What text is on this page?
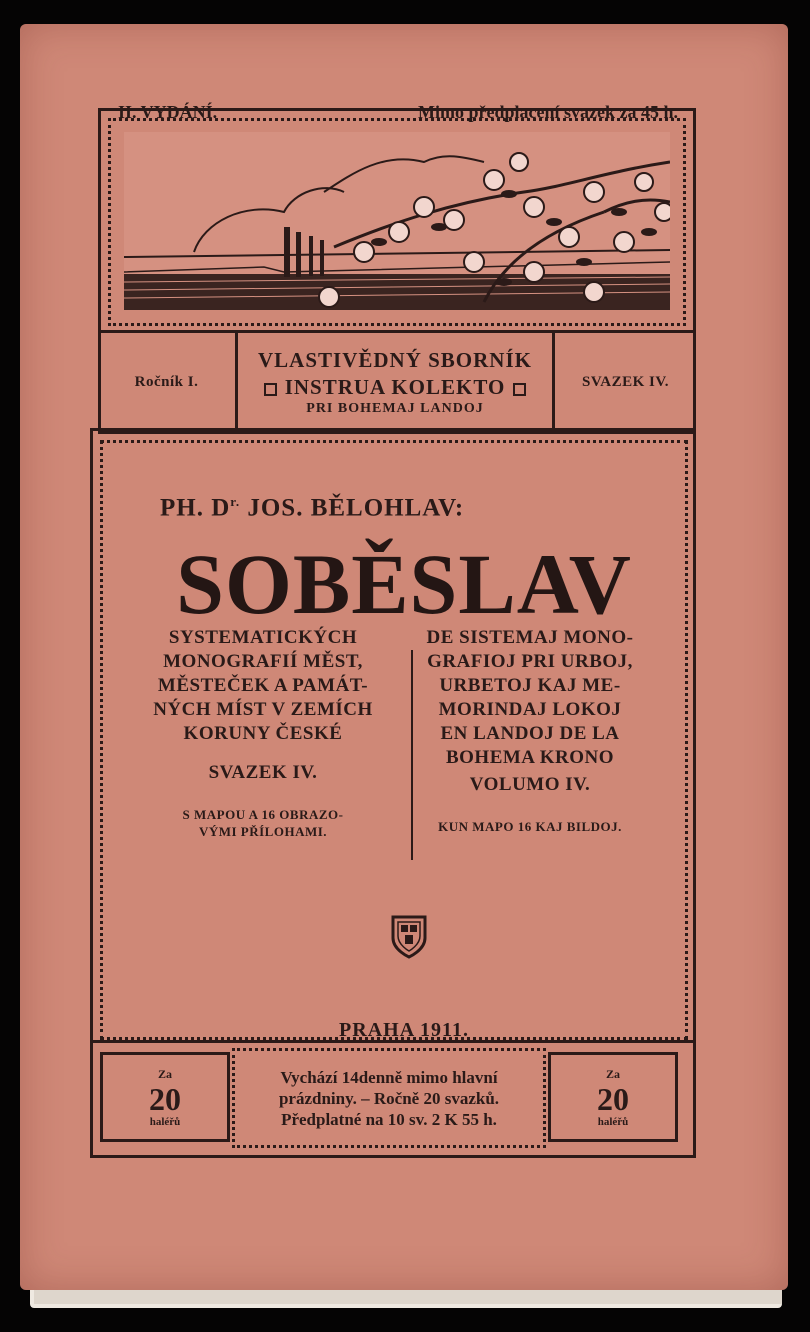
II. VYDÁNÍ.	Mimo předplacení svazek za 45 h.
Ročník I.
VLASTIVĚDNÝ SBORNÍK
INSTRUA KOLEKTO
PRI BOHEMAJ LANDOJ
SVAZEK IV.
PH. $D^{r.}$ JOS. BĚLOHLAV:
SOBĚSLAV
SYSTEMATICKÝCH
MONOGRAFIÍ MĚST,
MĚSTEČEK A PAMÁT-
NÝCH MÍST V ZEMÍCH
KORUNY ČESKÉ
SVAZEK IV.
S MAPOU A 16 OBRAZO-
VÝMI PŘÍLOHAMI.
DE SISTEMAJ MONO-
GRAFIOJ PRI URBOJ,
URBETOJ KAJ ME-
MORINDAJ LOKOJ
EN LANDOJ DE LA
BOHEMA KRONO
VOLUMO IV.
KUN MAPO 16 KAJ BILDOJ.
PRAHA 1911.
Za
20
haléřů
Za
20
haléřů
Vychází 14denně mimo hlavní
prázdniny. – Ročně 20 svazků.
Předplatné na 10 sv. 2 K 55 h.
